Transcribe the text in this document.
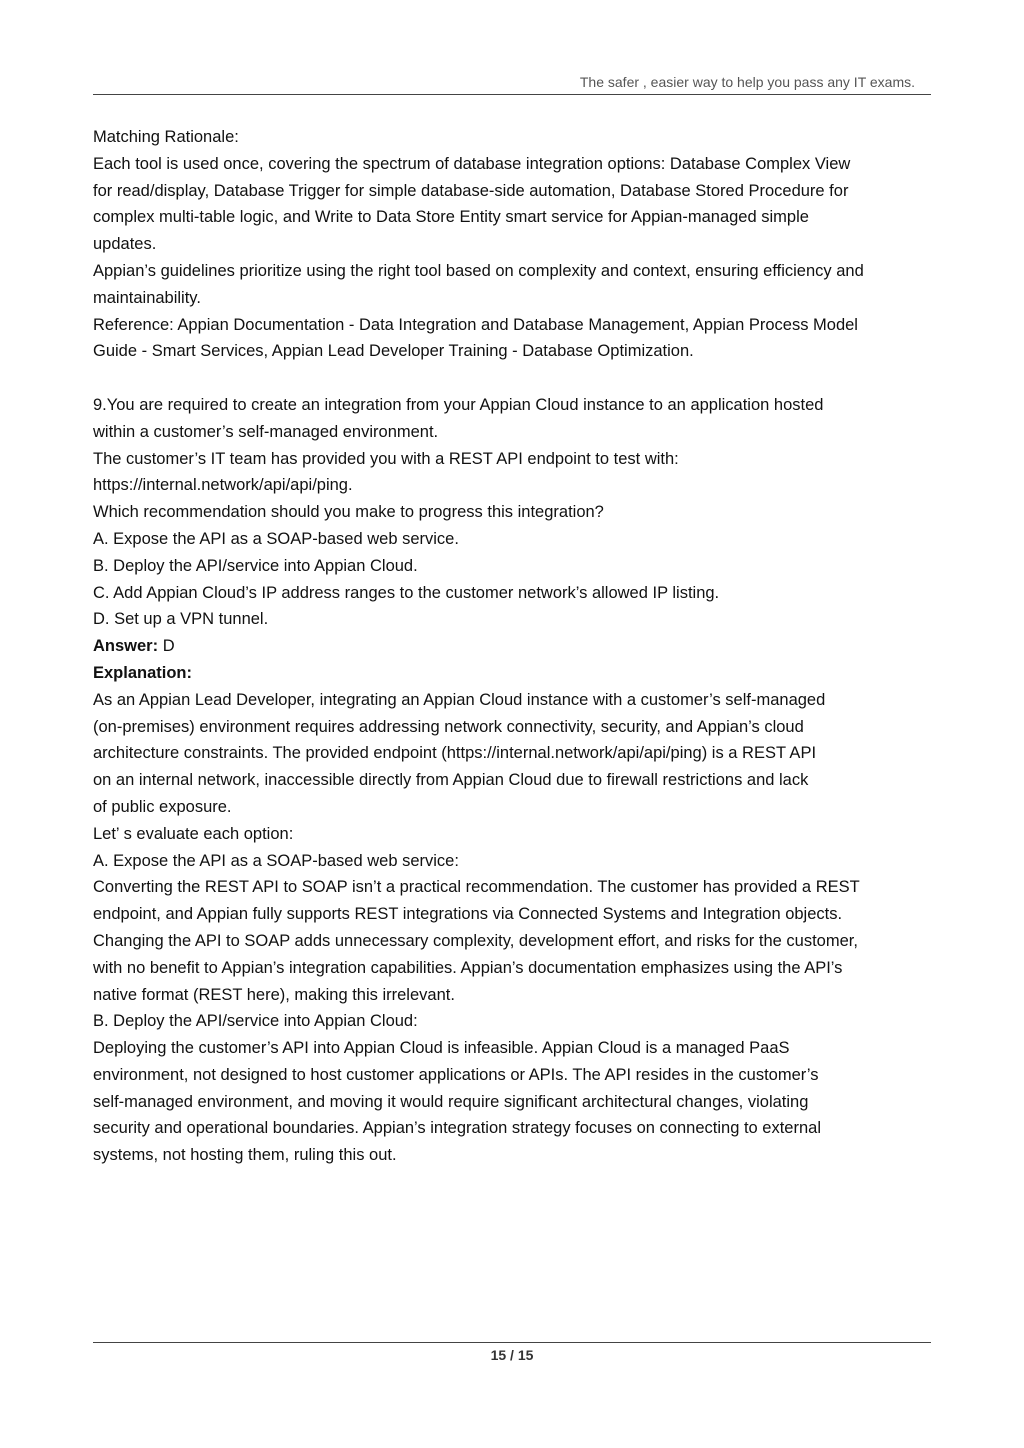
The safer , easier way to help you pass any IT exams.

Matching Rationale:

Each tool is used once, covering the spectrum of database integration options: Database Complex View

for read/display, Database Trigger for simple database-side automation, Database Stored Procedure for

complex multi-table logic, and Write to Data Store Entity smart service for Appian-managed simple

updates.

Appian’s guidelines prioritize using the right tool based on complexity and context, ensuring efficiency and

maintainability.

Reference: Appian Documentation - Data Integration and Database Management, Appian Process Model

Guide - Smart Services, Appian Lead Developer Training - Database Optimization.

9.You are required to create an integration from your Appian Cloud instance to an application hosted

within a customer’s self-managed environment.

The customer’s IT team has provided you with a REST API endpoint to test with:

https://internal.network/api/api/ping.

Which recommendation should you make to progress this integration?

A. Expose the API as a SOAP-based web service.

B. Deploy the API/service into Appian Cloud.

C. Add Appian Cloud’s IP address ranges to the customer network’s allowed IP listing.

D. Set up a VPN tunnel.

Answer: D

Explanation:

As an Appian Lead Developer, integrating an Appian Cloud instance with a customer’s self-managed

(on-premises) environment requires addressing network connectivity, security, and Appian’s cloud

architecture constraints. The provided endpoint (https://internal.network/api/api/ping) is a REST API

on an internal network, inaccessible directly from Appian Cloud due to firewall restrictions and lack

of public exposure.

Let’ s evaluate each option:

A. Expose the API as a SOAP-based web service:

Converting the REST API to SOAP isn’t a practical recommendation. The customer has provided a REST

endpoint, and Appian fully supports REST integrations via Connected Systems and Integration objects.

Changing the API to SOAP adds unnecessary complexity, development effort, and risks for the customer,

with no benefit to Appian’s integration capabilities. Appian’s documentation emphasizes using the API’s

native format (REST here), making this irrelevant.

B. Deploy the API/service into Appian Cloud:

Deploying the customer’s API into Appian Cloud is infeasible. Appian Cloud is a managed PaaS

environment, not designed to host customer applications or APIs. The API resides in the customer’s

self-managed environment, and moving it would require significant architectural changes, violating

security and operational boundaries. Appian’s integration strategy focuses on connecting to external

systems, not hosting them, ruling this out.

15 / 15
